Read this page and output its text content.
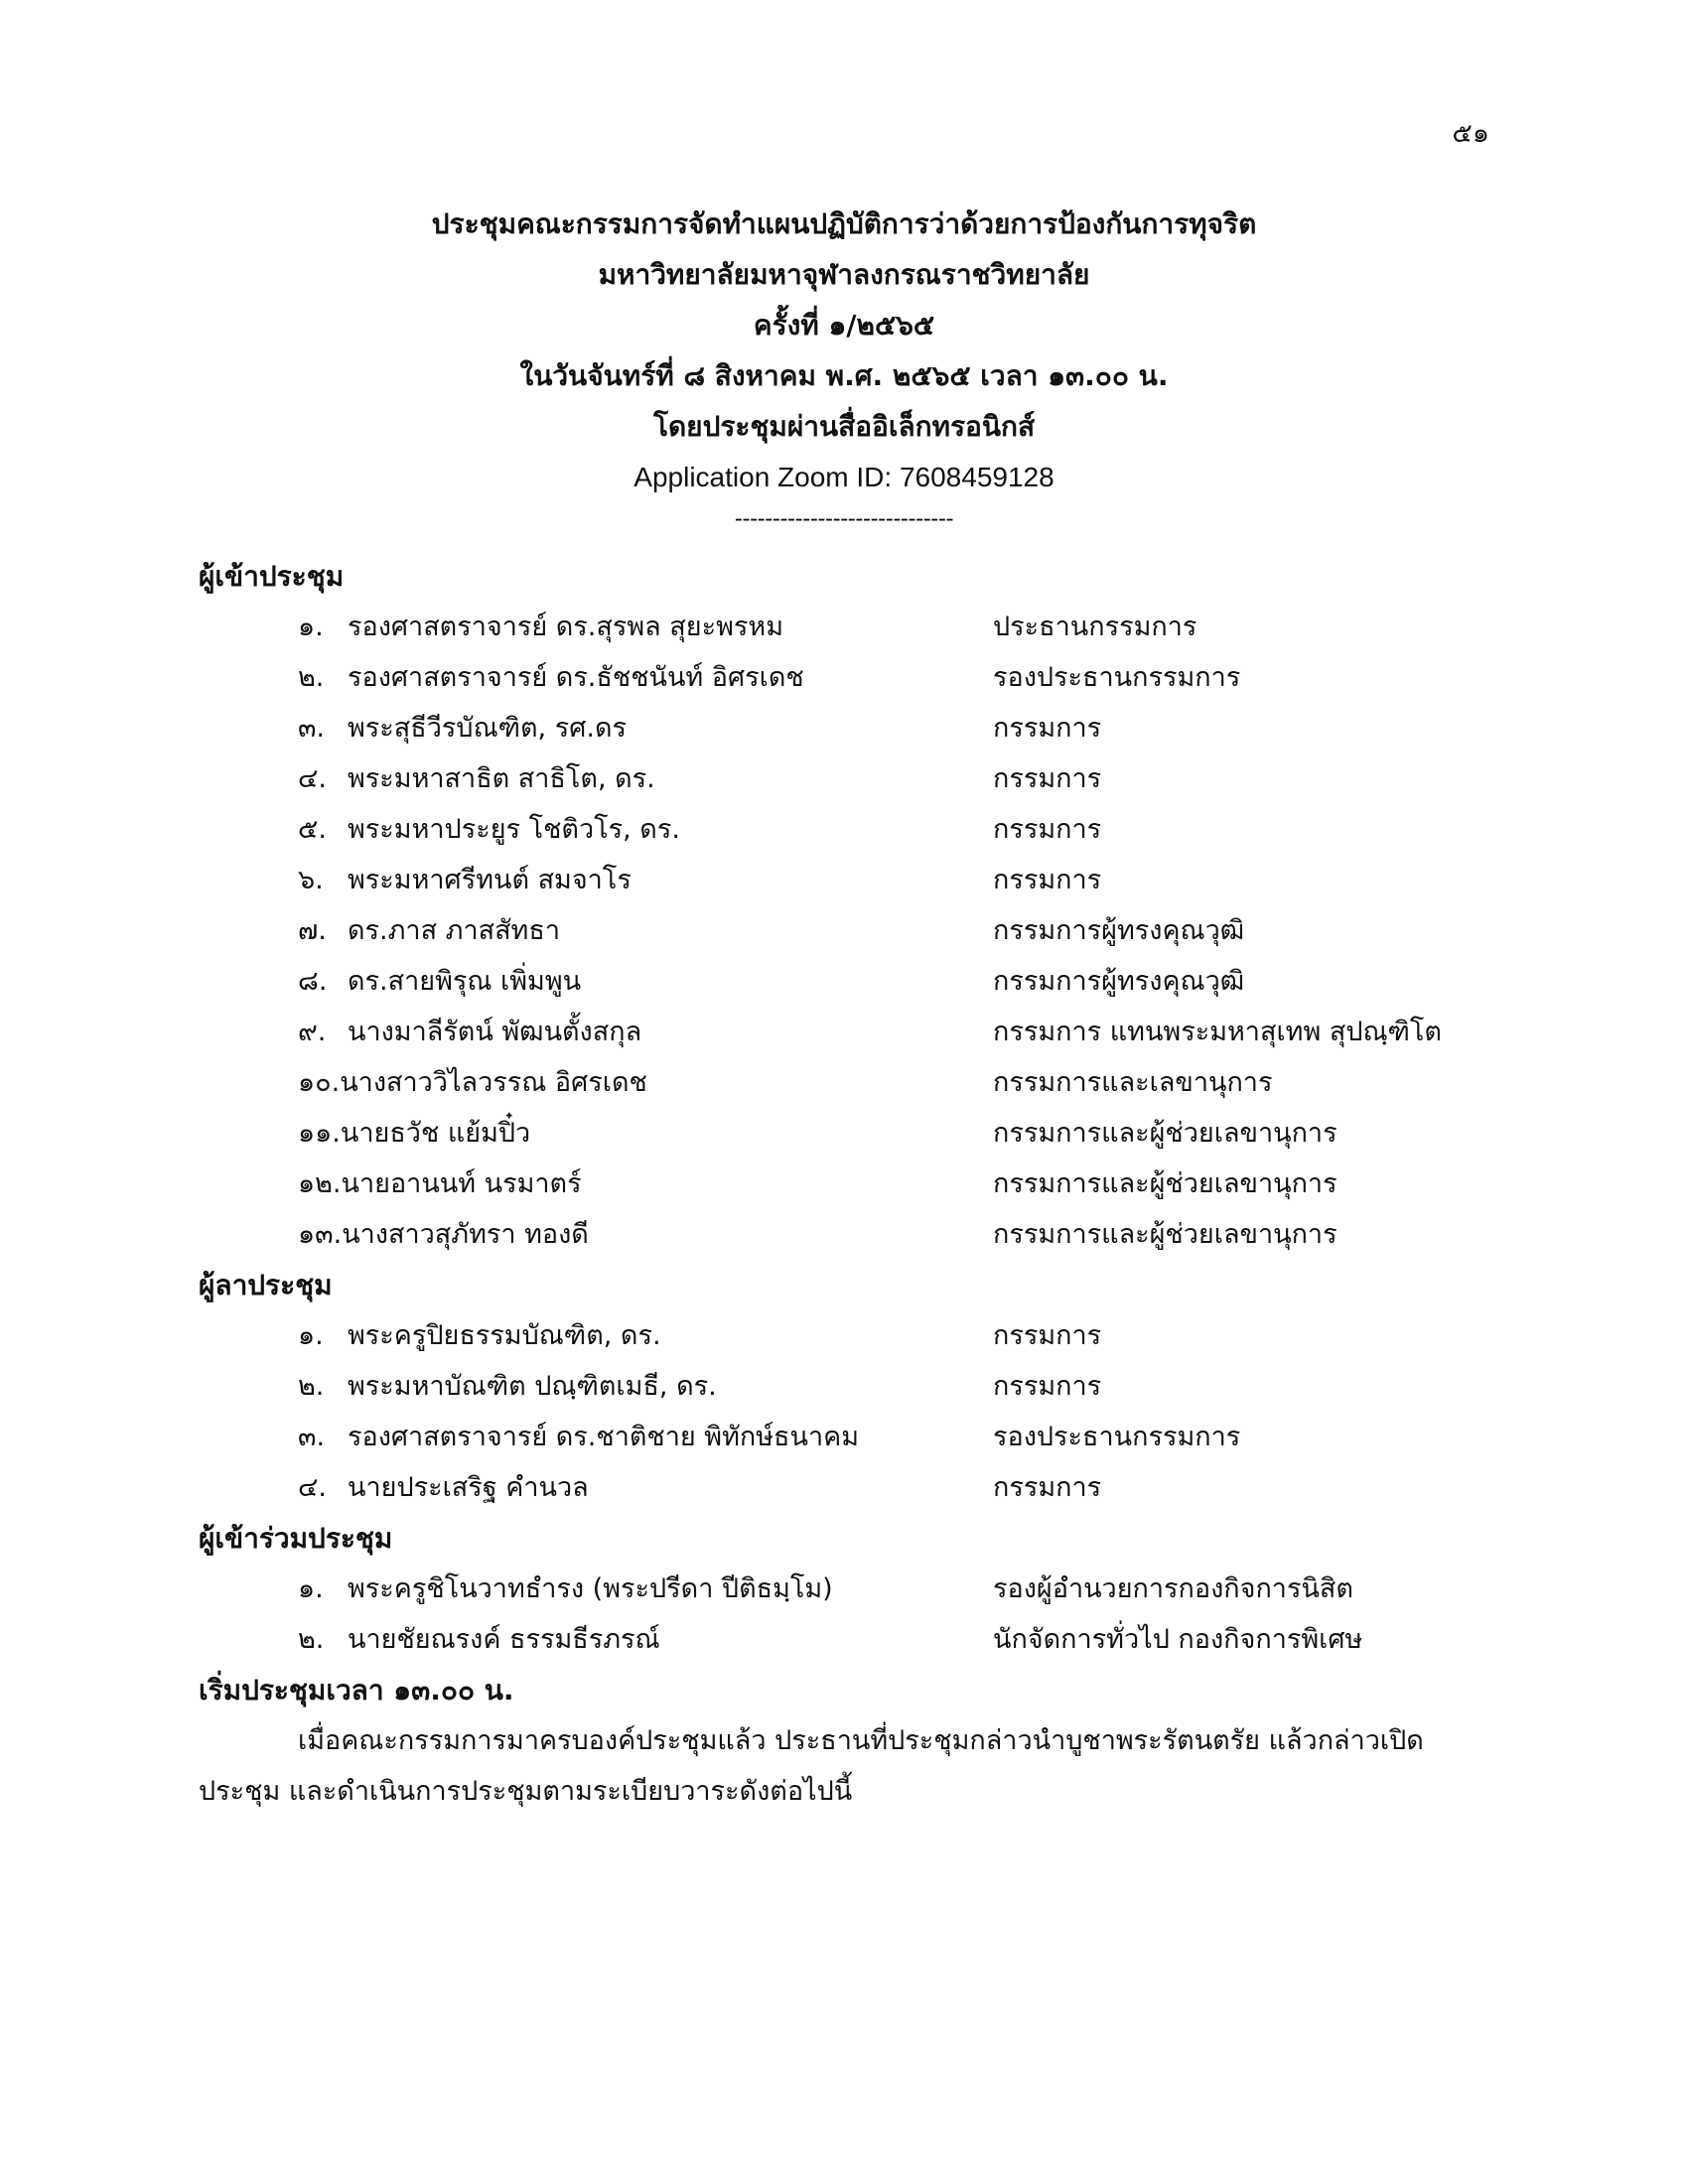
๕๑
ประชุมคณะกรรมการจัดทำแผนปฏิบัติการว่าด้วยการป้องกันการทุจริต
มหาวิทยาลัยมหาจุฬาลงกรณราชวิทยาลัย
ครั้งที่ ๑/๒๕๖๕
ในวันจันทร์ที่ ๘ สิงหาคม พ.ศ. ๒๕๖๕ เวลา ๑๓.๐๐ น.
โดยประชุมผ่านสื่ออิเล็กทรอนิกส์
Application Zoom ID: 7608459128
-----------------------------
ผู้เข้าประชุม
๑. รองศาสตราจารย์ ดร.สุรพล สุยะพรหม	ประธานกรรมการ
๒. รองศาสตราจารย์ ดร.ธัชชนันท์ อิศรเดช	รองประธานกรรมการ
๓. พระสุธีวีรบัณฑิต, รศ.ดร	กรรมการ
๔. พระมหาสาธิต สาธิโต, ดร.	กรรมการ
๕. พระมหาประยูร โชติวโร, ดร.	กรรมการ
๖. พระมหาศรีทนต์ สมจาโร	กรรมการ
๗. ดร.ภาส ภาสสัทธา	กรรมการผู้ทรงคุณวุฒิ
๘. ดร.สายพิรุณ เพิ่มพูน	กรรมการผู้ทรงคุณวุฒิ
๙. นางมาลีรัตน์ พัฒนตั้งสกุล	กรรมการ แทนพระมหาสุเทพ สุปณฺฑิโต
๑๐. นางสาววิไลวรรณ อิศรเดช	กรรมการและเลขานุการ
๑๑. นายธวัช แย้มปิ๋ว	กรรมการและผู้ช่วยเลขานุการ
๑๒. นายอานนท์ นรมาตร์	กรรมการและผู้ช่วยเลขานุการ
๑๓. นางสาวสุภัทรา ทองดี	กรรมการและผู้ช่วยเลขานุการ
ผู้ลาประชุม
๑. พระครูปิยธรรมบัณฑิต, ดร.	กรรมการ
๒. พระมหาบัณฑิต ปณฺฑิตเมธี, ดร.	กรรมการ
๓. รองศาสตราจารย์ ดร.ชาติชาย พิทักษ์ธนาคม	รองประธานกรรมการ
๔. นายประเสริฐ คำนวล	กรรมการ
ผู้เข้าร่วมประชุม
๑. พระครูชิโนวาทธำรง (พระปรีดา ปีติธมฺโม)	รองผู้อำนวยการกองกิจการนิสิต
๒. นายชัยณรงค์ ธรรมธีรภรณ์	นักจัดการทั่วไป กองกิจการพิเศษ
เริ่มประชุมเวลา ๑๓.๐๐ น.

เมื่อคณะกรรมการมาครบองค์ประชุมแล้ว ประธานที่ประชุมกล่าวนำบูชาพระรัตนตรัย แล้วกล่าวเปิดประชุม และดำเนินการประชุมตามระเบียบวาระดังต่อไปนี้
